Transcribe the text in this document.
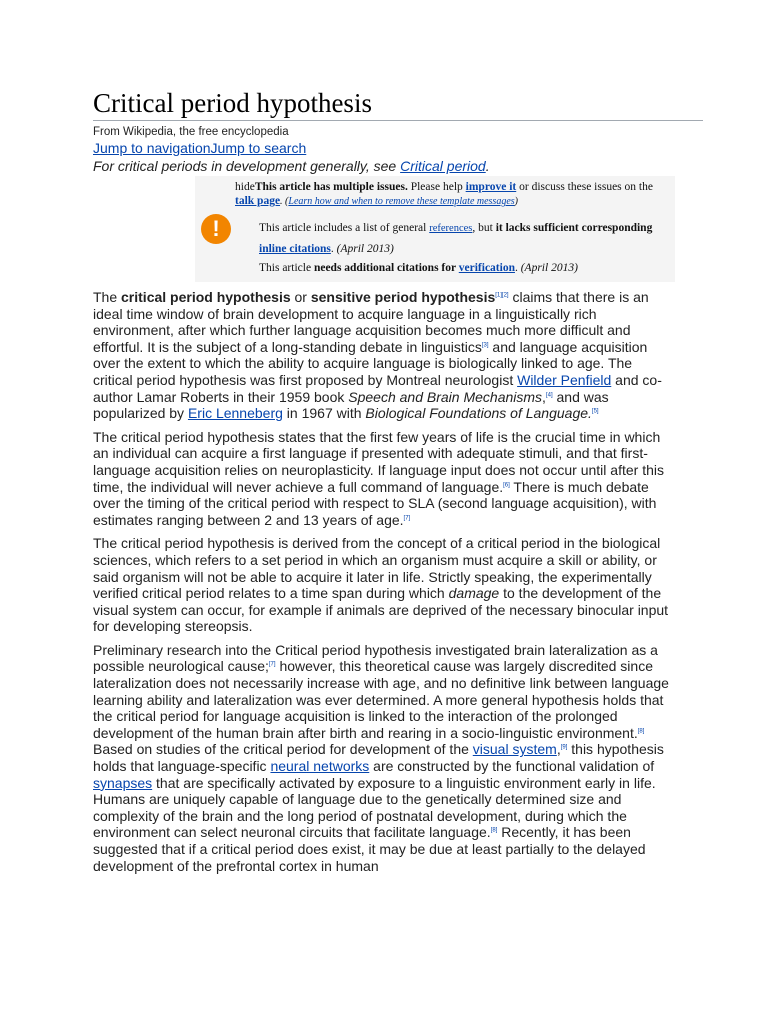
Critical period hypothesis
From Wikipedia, the free encyclopedia
Jump to navigationJump to search
For critical periods in development generally, see Critical period.
hideThis article has multiple issues. Please help improve it or discuss these issues on the talk page. (Learn how and when to remove these template messages)
!	This article includes a list of general references, but it lacks sufficient corresponding inline citations. (April 2013)
This article needs additional citations for verification. (April 2013)

The critical period hypothesis or sensitive period hypothesis[1][2] claims that there is an ideal time window of brain development to acquire language in a linguistically rich environment, after which further language acquisition becomes much more difficult and effortful. It is the subject of a long-standing debate in linguistics[3] and language acquisition over the extent to which the ability to acquire language is biologically linked to age. The critical period hypothesis was first proposed by Montreal neurologist Wilder Penfield and co-author Lamar Roberts in their 1959 book Speech and Brain Mechanisms,[4] and was popularized by Eric Lenneberg in 1967 with Biological Foundations of Language.[5]

The critical period hypothesis states that the first few years of life is the crucial time in which an individual can acquire a first language if presented with adequate stimuli, and that first-language acquisition relies on neuroplasticity. If language input does not occur until after this time, the individual will never achieve a full command of language.[6] There is much debate over the timing of the critical period with respect to SLA (second language acquisition), with estimates ranging between 2 and 13 years of age.[7]

The critical period hypothesis is derived from the concept of a critical period in the biological sciences, which refers to a set period in which an organism must acquire a skill or ability, or said organism will not be able to acquire it later in life. Strictly speaking, the experimentally verified critical period relates to a time span during which damage to the development of the visual system can occur, for example if animals are deprived of the necessary binocular input for developing stereopsis.

Preliminary research into the Critical period hypothesis investigated brain lateralization as a possible neurological cause;[7] however, this theoretical cause was largely discredited since lateralization does not necessarily increase with age, and no definitive link between language learning ability and lateralization was ever determined. A more general hypothesis holds that the critical period for language acquisition is linked to the interaction of the prolonged development of the human brain after birth and rearing in a socio-linguistic environment.[8] Based on studies of the critical period for development of the visual system,[9] this hypothesis holds that language-specific neural networks are constructed by the functional validation of synapses that are specifically activated by exposure to a linguistic environment early in life. Humans are uniquely capable of language due to the genetically determined size and complexity of the brain and the long period of postnatal development, during which the environment can select neuronal circuits that facilitate language.[8] Recently, it has been suggested that if a critical period does exist, it may be due at least partially to the delayed development of the prefrontal cortex in human
